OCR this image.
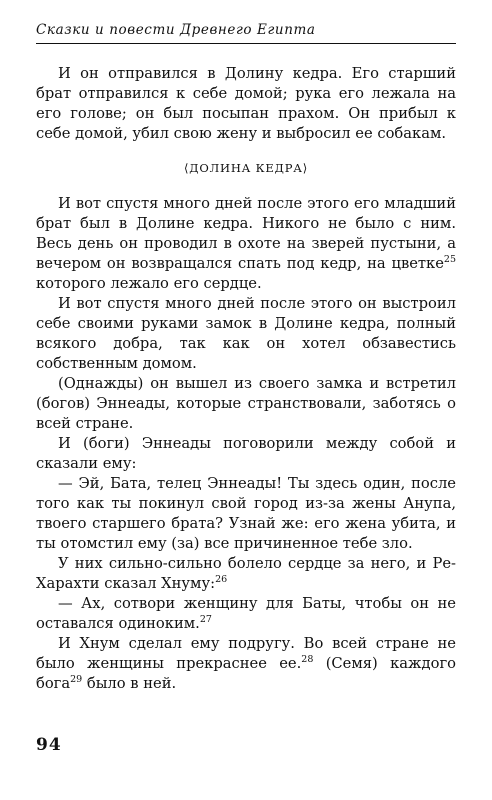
Сказки и повести Древнего Египта

И он отправился в Долину кедра. Его старший брат отправился к себе домой; рука его лежала на его голове; он был посыпан прахом. Он прибыл к себе домой, убил свою жену и выбросил ее собакам.

⟨ДОЛИНА КЕДРА⟩

И вот спустя много дней после этого его младший брат был в Долине кедра. Никого не было с ним. Весь день он проводил в охоте на зверей пустыни, а вечером он возвращался спать под кедр, на цветке$^{25}$ которого лежало его сердце.

И вот спустя много дней после этого он выстроил себе своими руками замок в Долине кедра, полный всякого добра, так как он хотел обзавестись собственным домом.

(Однажды) он вышел из своего замка и встретил (богов) Эннеады, которые странствовали, заботясь о всей стране.

И (боги) Эннеады поговорили между собой и сказали ему:

— Эй, Бата, телец Эннеады! Ты здесь один, после того как ты покинул свой город из-за жены Анупа, твоего старшего брата? Узнай же: его жена убита, и ты отомстил ему (за) все причиненное тебе зло.

У них сильно-сильно болело сердце за него, и Ре-Харахти сказал Хнуму:$^{26}$

— Ах, сотвори женщину для Баты, чтобы он не оставался одиноким.$^{27}$

И Хнум сделал ему подругу. Во всей стране не было женщины прекраснее ее.$^{28}$ (Семя) каждого бога$^{29}$ было в ней.

94
